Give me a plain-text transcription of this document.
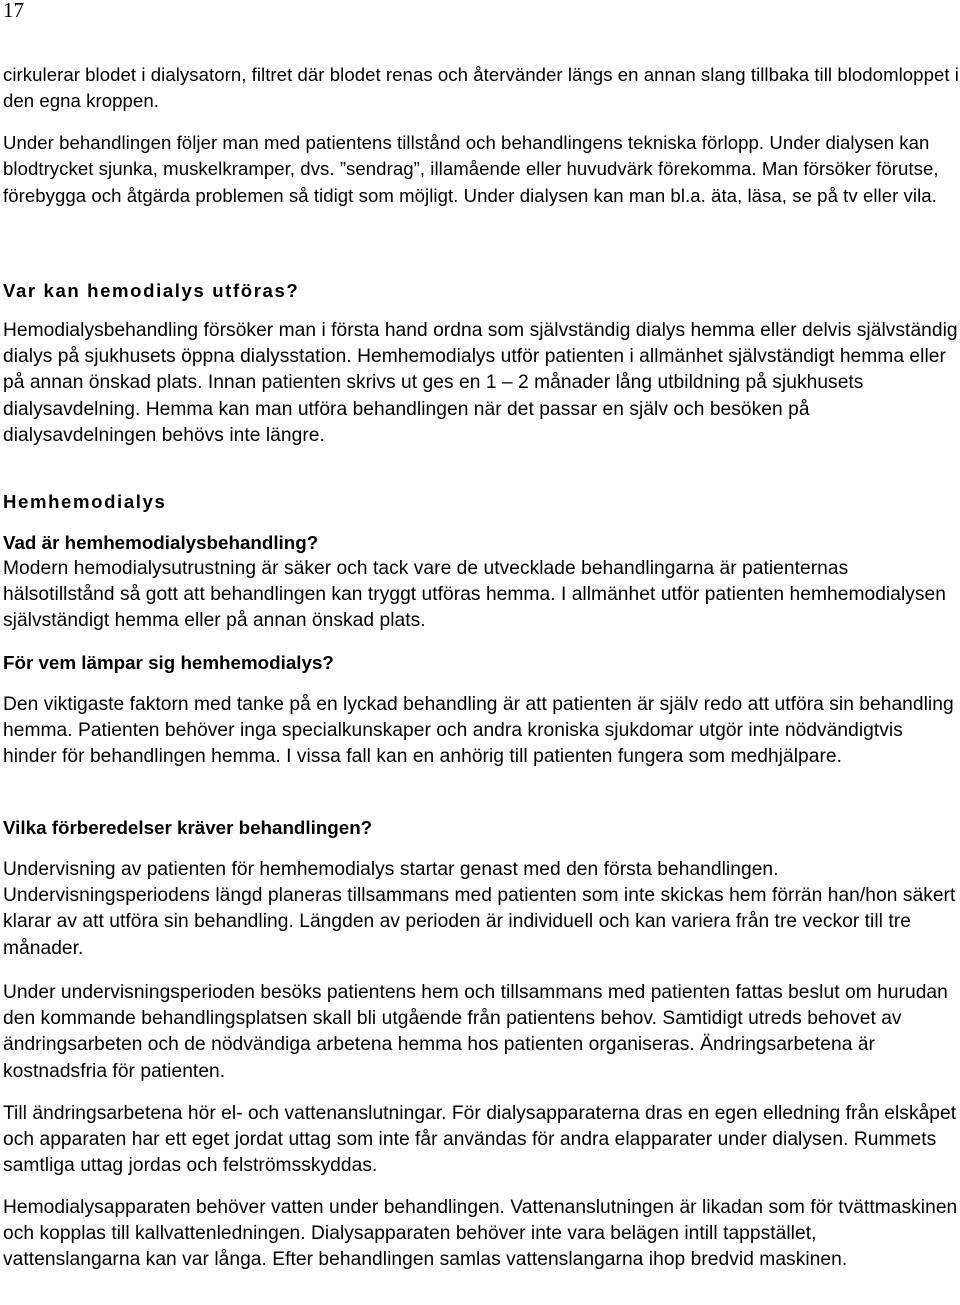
17

cirkulerar blodet i dialysatorn, filtret där blodet renas och återvänder längs en annan slang tillbaka till blodomloppet i den egna kroppen.

Under behandlingen följer man med patientens tillstånd och behandlingens tekniska förlopp. Under dialysen kan blodtrycket sjunka, muskelkramper, dvs. ”sendrag”, illamående eller huvudvärk förekomma. Man försöker förutse, förebygga och åtgärda problemen så tidigt som möjligt. Under dialysen kan man bl.a. äta, läsa, se på tv eller vila.

Var kan hemodialys utföras?

Hemodialysbehandling försöker man i första hand ordna som självständig dialys hemma eller delvis självständig dialys på sjukhusets öppna dialysstation. Hemhemodialys utför patienten i allmänhet självständigt hemma eller på annan önskad plats. Innan patienten skrivs ut ges en 1 – 2 månader lång utbildning på sjukhusets dialysavdelning. Hemma kan man utföra behandlingen när det passar en själv och besöken på dialysavdelningen behövs inte längre.

Hemhemodialys
Vad är hemhemodialysbehandling?

Modern hemodialysutrustning är säker och tack vare de utvecklade behandlingarna är patienternas hälsotillstånd så gott att behandlingen kan tryggt utföras hemma. I allmänhet utför patienten hemhemodialysen självständigt hemma eller på annan önskad plats.

För vem lämpar sig hemhemodialys?

Den viktigaste faktorn med tanke på en lyckad behandling är att patienten är själv redo att utföra sin behandling hemma. Patienten behöver inga specialkunskaper och andra kroniska sjukdomar utgör inte nödvändigtvis hinder för behandlingen hemma. I vissa fall kan en anhörig till patienten fungera som medhjälpare.

Vilka förberedelser kräver behandlingen?

Undervisning av patienten för hemhemodialys startar genast med den första behandlingen. Undervisningsperiodens längd planeras tillsammans med patienten som inte skickas hem förrän han/hon säkert klarar av att utföra sin behandling. Längden av perioden är individuell och kan variera från tre veckor till tre månader.

Under undervisningsperioden besöks patientens hem och tillsammans med patienten fattas beslut om hurudan den kommande behandlingsplatsen skall bli utgående från patientens behov. Samtidigt utreds behovet av ändringsarbeten och de nödvändiga arbetena hemma hos patienten organiseras. Ändringsarbetena är kostnadsfria för patienten.

Till ändringsarbetena hör el- och vattenanslutningar. För dialysapparaterna dras en egen elledning från elskåpet och apparaten har ett eget jordat uttag som inte får användas för andra elapparater under dialysen. Rummets samtliga uttag jordas och felströmsskyddas.

Hemodialysapparaten behöver vatten under behandlingen. Vattenanslutningen är likadan som för tvättmaskinen och kopplas till kallvattenledningen. Dialysapparaten behöver inte vara belägen intill tappstället, vattenslangarna kan var långa. Efter behandlingen samlas vattenslangarna ihop bredvid maskinen.
